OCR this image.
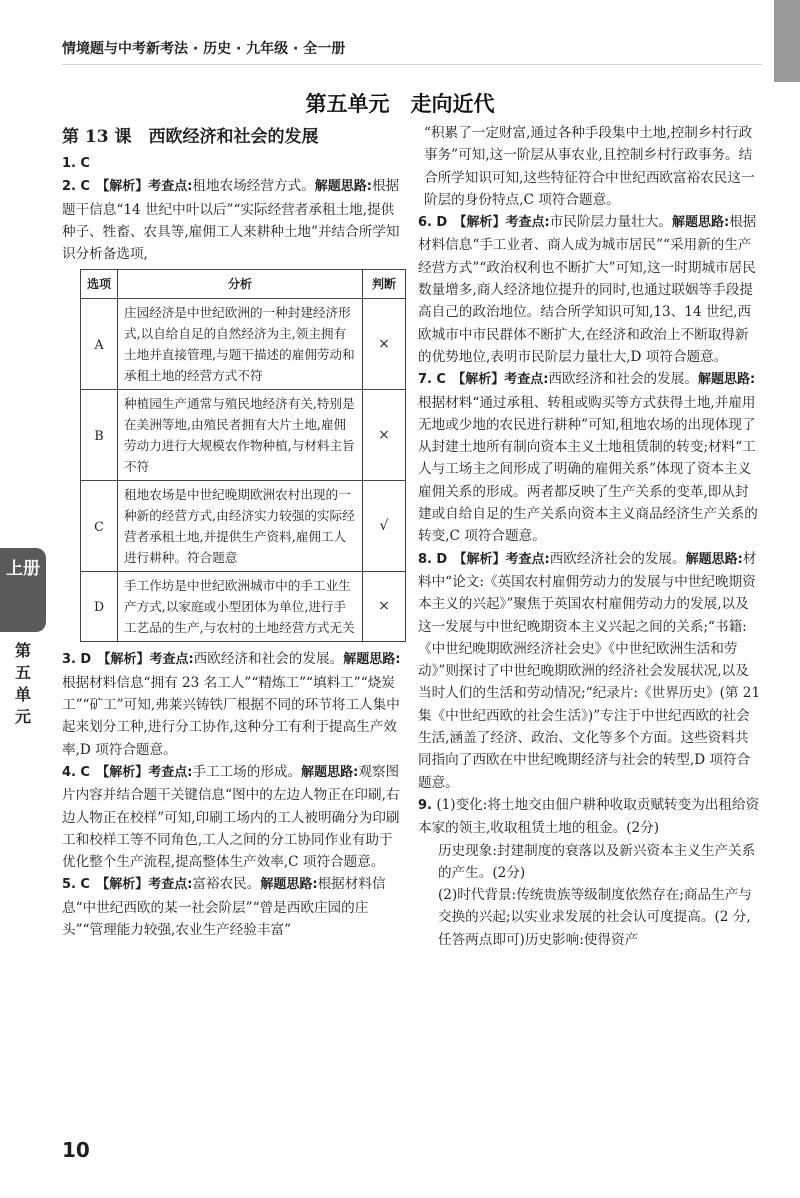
情境题与中考新考法 · 历史 · 九年级 · 全一册
第五单元　走向近代
第 13 课　西欧经济和社会的发展

1. C

2. C 【解析】考查点:租地农场经营方式。解题思路:根据题干信息“14 世纪中叶以后”“实际经营者承租土地,提供种子、牲畜、农具等,雇佣工人来耕种土地”并结合所学知识分析备选项,

选项	分析	判断
A	庄园经济是中世纪欧洲的一种封建经济形式,以自给自足的自然经济为主,领主拥有土地并直接管理,与题干描述的雇佣劳动和承租土地的经营方式不符	×
B	种植园生产通常与殖民地经济有关,特别是在美洲等地,由殖民者拥有大片土地,雇佣劳动力进行大规模农作物种植,与材料主旨不符	×
C	租地农场是中世纪晚期欧洲农村出现的一种新的经营方式,由经济实力较强的实际经营者承租土地,并提供生产资料,雇佣工人进行耕种。符合题意	√
D	手工作坊是中世纪欧洲城市中的手工业生产方式,以家庭或小型团体为单位,进行手工艺品的生产,与农村的土地经营方式无关	×

3. D 【解析】考查点:西欧经济和社会的发展。解题思路:根据材料信息“拥有 23 名工人”“精炼工”“填料工”“烧炭工”“矿工”可知,弗莱兴铸铁厂根据不同的环节将工人集中起来划分工种,进行分工协作,这种分工有利于提高生产效率,D 项符合题意。

4. C 【解析】考查点:手工工场的形成。解题思路:观察图片内容并结合题干关键信息“图中的左边人物正在印刷,右边人物正在校样”可知,印刷工场内的工人被明确分为印刷工和校样工等不同角色,工人之间的分工协同作业有助于优化整个生产流程,提高整体生产效率,C 项符合题意。

5. C 【解析】考查点:富裕农民。解题思路:根据材料信息“中世纪西欧的某一社会阶层”“曾是西欧庄园的庄头”“管理能力较强,农业生产经验丰富”

“积累了一定财富,通过各种手段集中土地,控制乡村行政事务”可知,这一阶层从事农业,且控制乡村行政事务。结合所学知识可知,这些特征符合中世纪西欧富裕农民这一阶层的身份特点,C 项符合题意。

6. D 【解析】考查点:市民阶层力量壮大。解题思路:根据材料信息“手工业者、商人成为城市居民”“采用新的生产经营方式”“政治权利也不断扩大”可知,这一时期城市居民数量增多,商人经济地位提升的同时,也通过联姻等手段提高自己的政治地位。结合所学知识可知,13、14 世纪,西欧城市中市民群体不断扩大,在经济和政治上不断取得新的优势地位,表明市民阶层力量壮大,D 项符合题意。

7. C 【解析】考查点:西欧经济和社会的发展。解题思路:根据材料“通过承租、转租或购买等方式获得土地,并雇用无地或少地的农民进行耕种”可知,租地农场的出现体现了从封建土地所有制向资本主义土地租赁制的转变;材料“工人与工场主之间形成了明确的雇佣关系”体现了资本主义雇佣关系的形成。两者都反映了生产关系的变革,即从封建或自给自足的生产关系向资本主义商品经济生产关系的转变,C 项符合题意。

8. D 【解析】考查点:西欧经济社会的发展。解题思路:材料中“论文:《英国农村雇佣劳动力的发展与中世纪晚期资本主义的兴起》”聚焦于英国农村雇佣劳动力的发展,以及这一发展与中世纪晚期资本主义兴起之间的关系;“书籍:《中世纪晚期欧洲经济社会史》《中世纪欧洲生活和劳动》”则探讨了中世纪晚期欧洲的经济社会发展状况,以及当时人们的生活和劳动情况;“纪录片:《世界历史》(第 21 集《中世纪西欧的社会生活》)”专注于中世纪西欧的社会生活,涵盖了经济、政治、文化等多个方面。这些资料共同指向了西欧在中世纪晚期经济与社会的转型,D 项符合题意。

9. (1)变化:将土地交由佃户耕种收取贡赋转变为出租给资本家的领主,收取租赁土地的租金。(2分)

历史现象:封建制度的衰落以及新兴资本主义生产关系的产生。(2分)

(2)时代背景:传统贵族等级制度依然存在;商品生产与交换的兴起;以实业求发展的社会认可度提高。(2 分,任答两点即可)历史影响:使得资产

上册
第五单元
10
